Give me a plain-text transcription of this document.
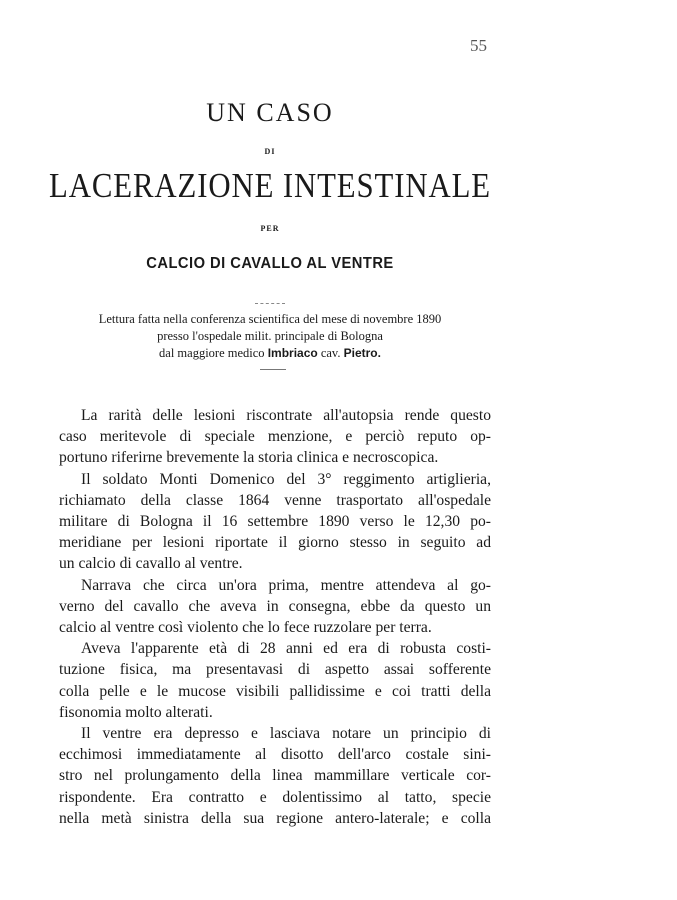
55
UN CASO
DI
LACERAZIONE INTESTINALE
PER
CALCIO DI CAVALLO AL VENTRE
Lettura fatta nella conferenza scientifica del mese di novembre 1890
presso l'ospedale milit. principale di Bologna
dal maggiore medico Imbriaco cav. Pietro.
La rarità delle lesioni riscontrate all'autopsia rende questo
caso meritevole di speciale menzione, e perciò reputo op-
portuno riferirne brevemente la storia clinica e necroscopica.
Il soldato Monti Domenico del 3° reggimento artiglieria,
richiamato della classe 1864 venne trasportato all'ospedale
militare di Bologna il 16 settembre 1890 verso le 12,30 po-
meridiane per lesioni riportate il giorno stesso in seguito ad
un calcio di cavallo al ventre.
Narrava che circa un'ora prima, mentre attendeva al go-
verno del cavallo che aveva in consegna, ebbe da questo un
calcio al ventre così violento che lo fece ruzzolare per terra.
Aveva l'apparente età di 28 anni ed era di robusta costi-
tuzione fisica, ma presentavasi di aspetto assai sofferente
colla pelle e le mucose visibili pallidissime e coi tratti della
fisonomia molto alterati.
Il ventre era depresso e lasciava notare un principio di
ecchimosi immediatamente al disotto dell'arco costale sini-
stro nel prolungamento della linea mammillare verticale cor-
rispondente. Era contratto e dolentissimo al tatto, specie
nella metà sinistra della sua regione antero-laterale; e colla
